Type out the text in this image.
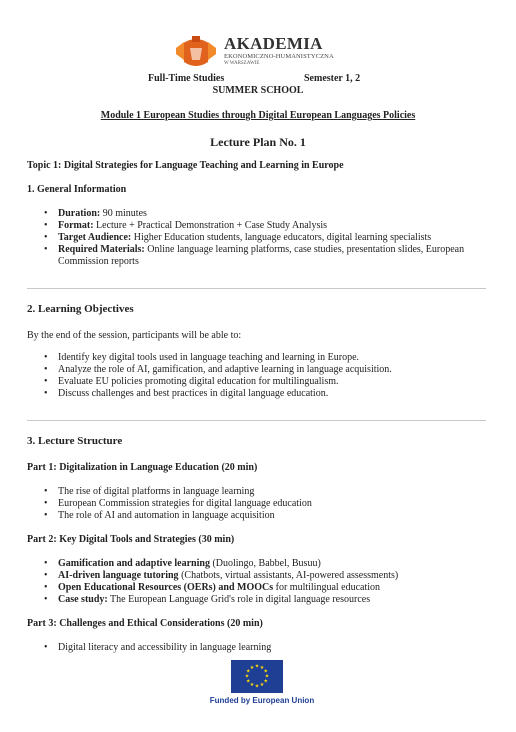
AKADEMIA
EKONOMICZNO-HUMANISTYCZNA
W WARSZAWIE
Full-Time Studies	Semester 1, 2
SUMMER SCHOOL
Module 1 European Studies through Digital European Languages Policies
Lecture Plan No. 1
Topic 1: Digital Strategies for Language Teaching and Learning in Europe
1. General Information
• Duration: 90 minutes
• Format: Lecture + Practical Demonstration + Case Study Analysis
• Target Audience: Higher Education students, language educators, digital learning specialists
• Required Materials: Online language learning platforms, case studies, presentation slides, European Commission reports
2. Learning Objectives
By the end of the session, participants will be able to:
• Identify key digital tools used in language teaching and learning in Europe.
• Analyze the role of AI, gamification, and adaptive learning in language acquisition.
• Evaluate EU policies promoting digital education for multilingualism.
• Discuss challenges and best practices in digital language education.
3. Lecture Structure
Part 1: Digitalization in Language Education (20 min)
• The rise of digital platforms in language learning
• European Commission strategies for digital language education
• The role of AI and automation in language acquisition
Part 2: Key Digital Tools and Strategies (30 min)
• Gamification and adaptive learning (Duolingo, Babbel, Busuu)
• AI-driven language tutoring (Chatbots, virtual assistants, AI-powered assessments)
• Open Educational Resources (OERs) and MOOCs for multilingual education
• Case study: The European Language Grid's role in digital language resources
Part 3: Challenges and Ethical Considerations (20 min)
• Digital literacy and accessibility in language learning
★ ★
★
★
★
★
★
★
★
★
★
★
Funded by European Union
